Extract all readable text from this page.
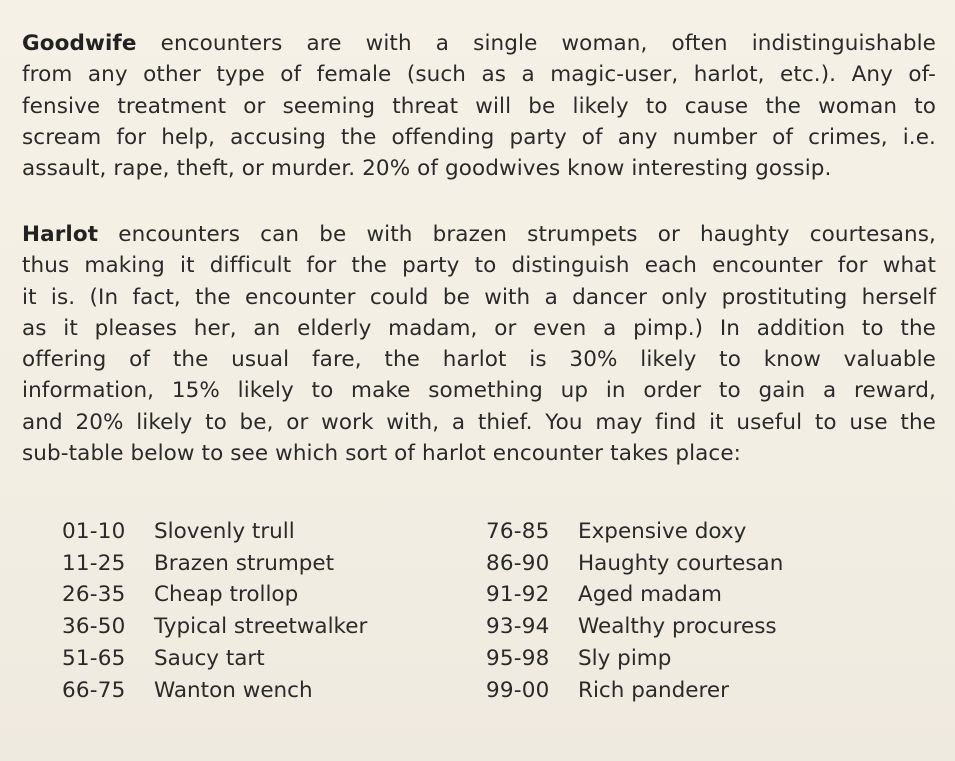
Goodwife encounters are with a single woman, often indistinguishable
from any other type of female (such as a magic-user, harlot, etc.). Any of-
fensive treatment or seeming threat will be likely to cause the woman to
scream for help, accusing the offending party of any number of crimes, i.e.
assault, rape, theft, or murder. 20% of goodwives know interesting gossip.
Harlot encounters can be with brazen strumpets or haughty courtesans,
thus making it difficult for the party to distinguish each encounter for what
it is. (In fact, the encounter could be with a dancer only prostituting herself
as it pleases her, an elderly madam, or even a pimp.) In addition to the
offering of the usual fare, the harlot is 30% likely to know valuable
information, 15% likely to make something up in order to gain a reward,
and 20% likely to be, or work with, a thief. You may find it useful to use the
sub-table below to see which sort of harlot encounter takes place:
01-10	Slovenly trull
11-25	Brazen strumpet
26-35	Cheap trollop
36-50	Typical streetwalker
51-65	Saucy tart
66-75	Wanton wench
76-85	Expensive doxy
86-90	Haughty courtesan
91-92	Aged madam
93-94	Wealthy procuress
95-98	Sly pimp
99-00	Rich panderer
